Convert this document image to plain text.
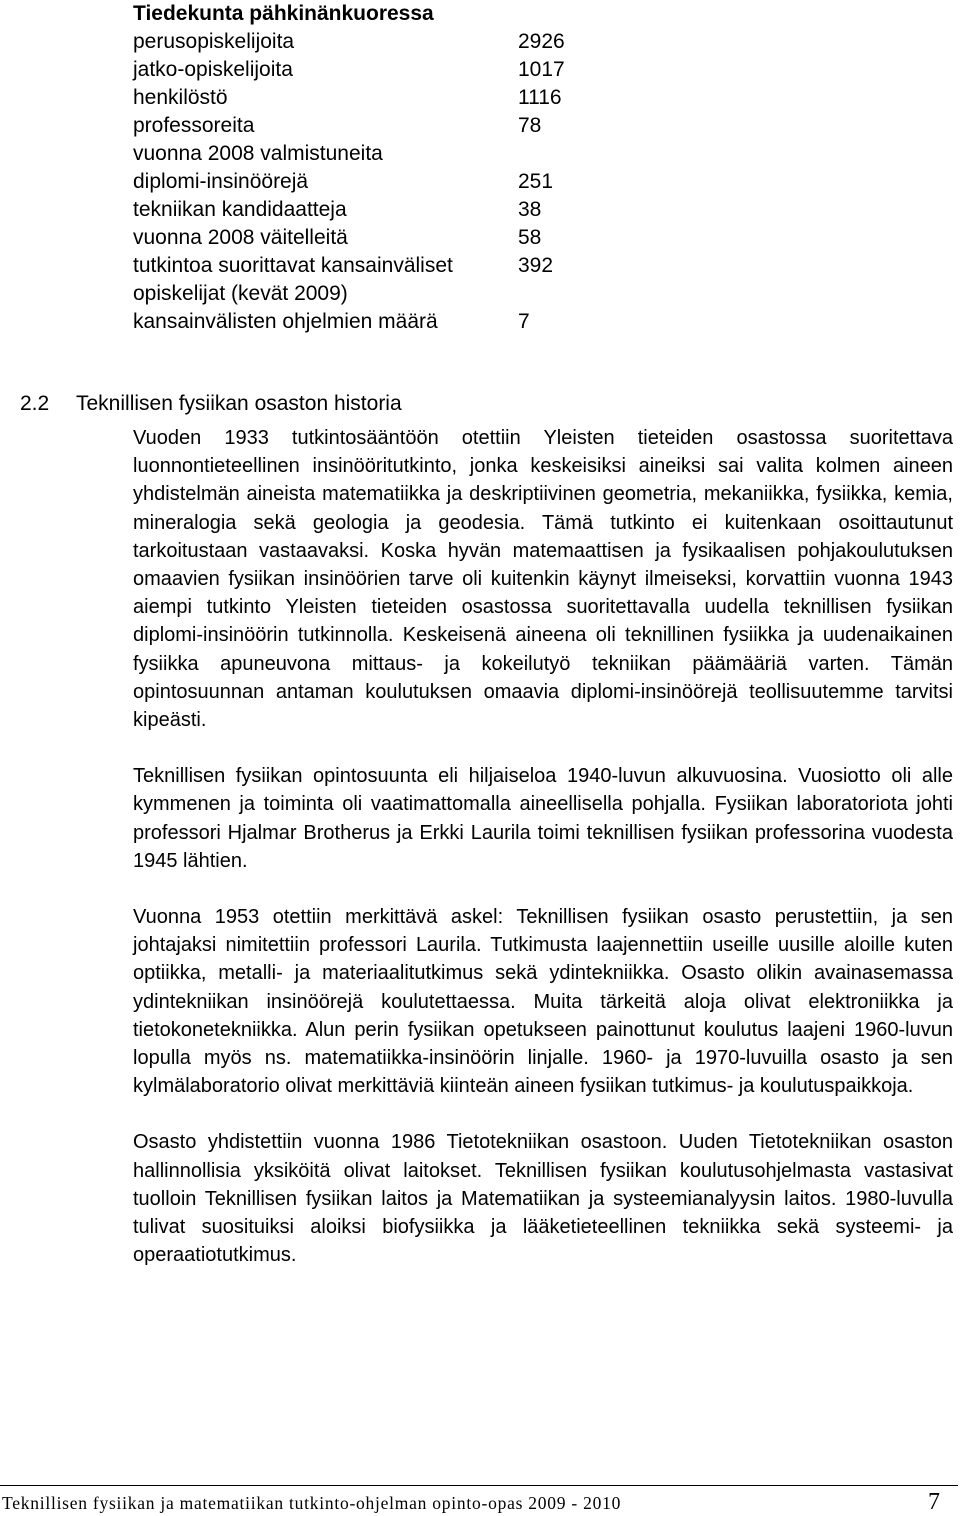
Tiedekunta pähkinänkuoressa
perusopiskelijoita	2926
jatko-opiskelijoita	1017
henkilöstö	1116
professoreita	78
vuonna 2008 valmistuneita	
diplomi-insinöörejä	251
tekniikan kandidaatteja	38
vuonna 2008 väitelleitä	58
tutkintoa suorittavat kansainväliset	392
opiskelijat (kevät 2009)	
kansainvälisten ohjelmien määrä	7
2.2 Teknillisen fysiikan osaston historia

Vuoden 1933 tutkintosääntöön otettiin Yleisten tieteiden osastossa suoritettava luonnontieteellinen insinööritutkinto, jonka keskeisiksi aineiksi sai valita kolmen aineen yhdistelmän aineista matematiikka ja deskriptiivinen geometria, mekaniikka, fysiikka, kemia, mineralogia sekä geologia ja geodesia. Tämä tutkinto ei kuitenkaan osoittautunut tarkoitustaan vastaavaksi. Koska hyvän matemaattisen ja fysikaalisen pohjakoulutuksen omaavien fysiikan insinöörien tarve oli kuitenkin käynyt ilmeiseksi, korvattiin vuonna 1943 aiempi tutkinto Yleisten tieteiden osastossa suoritettavalla uudella teknillisen fysiikan diplomi-insinöörin tutkinnolla. Keskeisenä aineena oli teknillinen fysiikka ja uudenaikainen fysiikka apuneuvona mittaus- ja kokeilutyö tekniikan päämääriä varten. Tämän opintosuunnan antaman koulutuksen omaavia diplomi-insinöörejä teollisuutemme tarvitsi kipeästi.

Teknillisen fysiikan opintosuunta eli hiljaiseloa 1940-luvun alkuvuosina. Vuosiotto oli alle kymmenen ja toiminta oli vaatimattomalla aineellisella pohjalla. Fysiikan laboratoriota johti professori Hjalmar Brotherus ja Erkki Laurila toimi teknillisen fysiikan professorina vuodesta 1945 lähtien.

Vuonna 1953 otettiin merkittävä askel: Teknillisen fysiikan osasto perustettiin, ja sen johtajaksi nimitettiin professori Laurila. Tutkimusta laajennettiin useille uusille aloille kuten optiikka, metalli- ja materiaalitutkimus sekä ydintekniikka. Osasto olikin avainasemassa ydintekniikan insinöörejä koulutettaessa. Muita tärkeitä aloja olivat elektroniikka ja tietokonetekniikka. Alun perin fysiikan opetukseen painottunut koulutus laajeni 1960-luvun lopulla myös ns. matematiikka-insinöörin linjalle. 1960- ja 1970-luvuilla osasto ja sen kylmälaboratorio olivat merkittäviä kiinteän aineen fysiikan tutkimus- ja koulutuspaikkoja.

Osasto yhdistettiin vuonna 1986 Tietotekniikan osastoon. Uuden Tietotekniikan osaston hallinnollisia yksiköitä olivat laitokset. Teknillisen fysiikan koulutusohjelmasta vastasivat tuolloin Teknillisen fysiikan laitos ja Matematiikan ja systeemianalyysin laitos. 1980-luvulla tulivat suosituiksi aloiksi biofysiikka ja lääketieteellinen tekniikka sekä systeemi- ja operaatiotutkimus.

Teknillisen fysiikan ja matematiikan tutkinto-ohjelman opinto-opas 2009 - 2010	7
